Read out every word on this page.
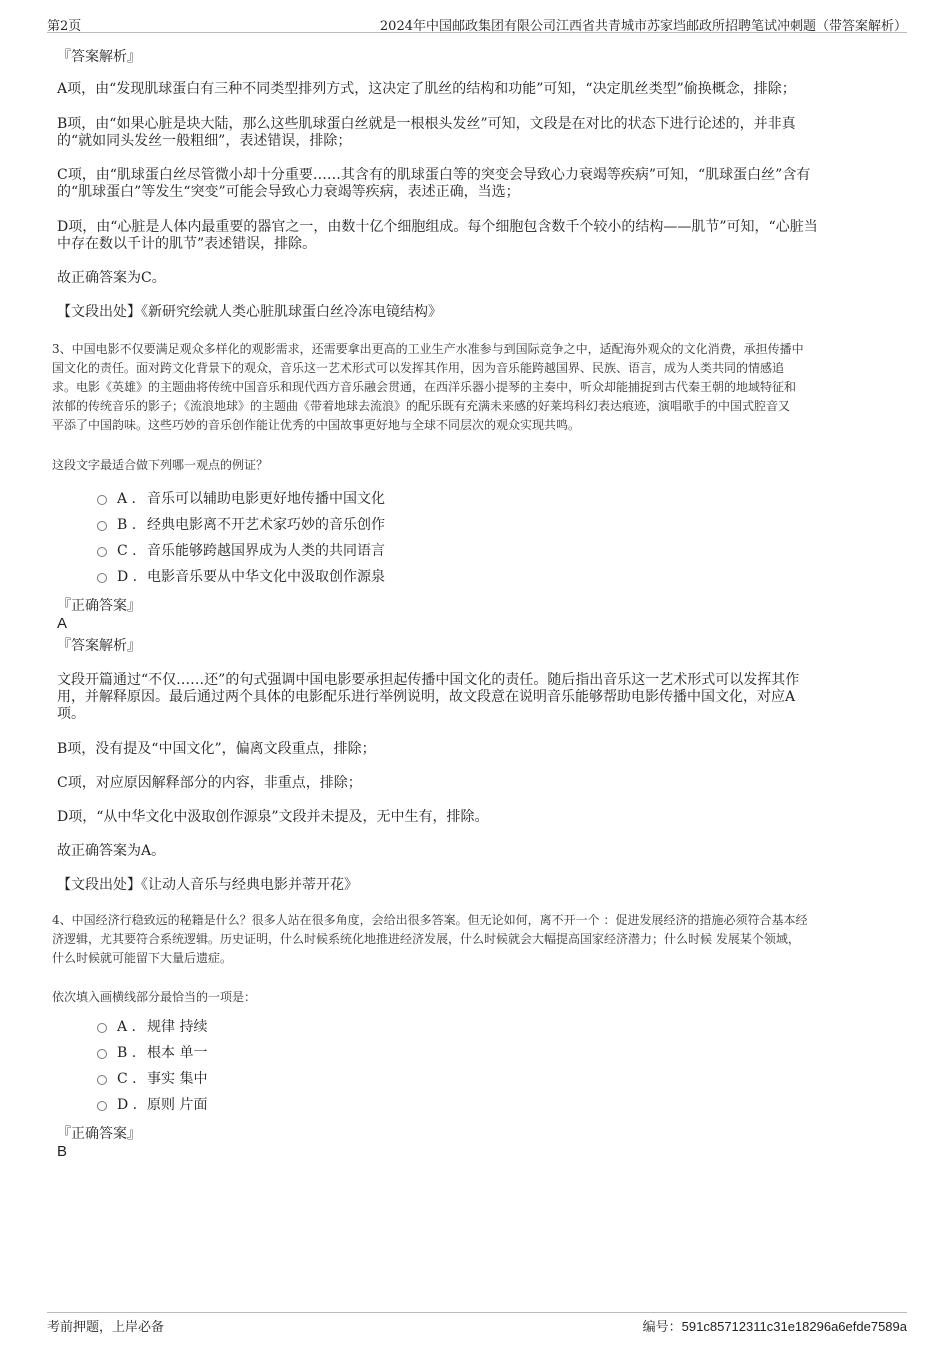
第2页	2024年中国邮政集团有限公司江西省共青城市苏家垱邮政所招聘笔试冲刺题（带答案解析）
『答案解析』
A项，由“发现肌球蛋白有三种不同类型排列方式，这决定了肌丝的结构和功能”可知，“决定肌丝类型”偷换概念，排除；
B项，由“如果心脏是块大陆，那么这些肌球蛋白丝就是一根根头发丝”可知，文段是在对比的状态下进行论述的，并非真
的“就如同头发丝一般粗细”，表述错误，排除；
C项，由“肌球蛋白丝尽管微小却十分重要……其含有的肌球蛋白等的突变会导致心力衰竭等疾病”可知，“肌球蛋白丝”含有
的“肌球蛋白”等发生“突变”可能会导致心力衰竭等疾病，表述正确，当选；
D项，由“心脏是人体内最重要的器官之一，由数十亿个细胞组成。每个细胞包含数千个较小的结构——肌节”可知，“心脏当
中存在数以千计的肌节”表述错误，排除。
故正确答案为C。
【文段出处】《新研究绘就人类心脏肌球蛋白丝冷冻电镜结构》
3、中国电影不仅要满足观众多样化的观影需求，还需要拿出更高的工业生产水准参与到国际竞争之中，适配海外观众的文化消费，承担传播中
国文化的责任。面对跨文化背景下的观众，音乐这一艺术形式可以发挥其作用，因为音乐能跨越国界、民族、语言，成为人类共同的情感追
求。电影《英雄》的主题曲将传统中国音乐和现代西方音乐融会贯通，在西洋乐器小提琴的主奏中，听众却能捕捉到古代秦王朝的地域特征和
浓郁的传统音乐的影子；《流浪地球》的主题曲《带着地球去流浪》的配乐既有充满未来感的好莱坞科幻表达痕迹，演唱歌手的中国式腔音又
平添了中国韵味。这些巧妙的音乐创作能让优秀的中国故事更好地与全球不同层次的观众实现共鸣。
这段文字最适合做下列哪一观点的例证？
A . 音乐可以辅助电影更好地传播中国文化
B . 经典电影离不开艺术家巧妙的音乐创作
C . 音乐能够跨越国界成为人类的共同语言
D . 电影音乐要从中华文化中汲取创作源泉
『正确答案』
A
『答案解析』
文段开篇通过“不仅……还”的句式强调中国电影要承担起传播中国文化的责任。随后指出音乐这一艺术形式可以发挥其作
用，并解释原因。最后通过两个具体的电影配乐进行举例说明，故文段意在说明音乐能够帮助电影传播中国文化，对应A
项。
B项，没有提及“中国文化”，偏离文段重点，排除；
C项，对应原因解释部分的内容，非重点，排除；
D项，“从中华文化中汲取创作源泉”文段并未提及，无中生有，排除。
故正确答案为A。
【文段出处】《让动人音乐与经典电影并蒂开花》
4、中国经济行稳致远的秘籍是什么？很多人站在很多角度，会给出很多答案。但无论如何，离不开一个 ：促进发展经济的措施必须符合基本经
济逻辑，尤其要符合系统逻辑。历史证明，什么时候系统化地推进经济发展，什么时候就会大幅提高国家经济潜力；什么时候 发展某个领域，
什么时候就可能留下大量后遗症。
依次填入画横线部分最恰当的一项是：
A . 规律 持续
B . 根本 单一
C . 事实 集中
D . 原则 片面
『正确答案』
B
考前押题，上岸必备	编号：591c85712311c31e18296a6efde7589a
